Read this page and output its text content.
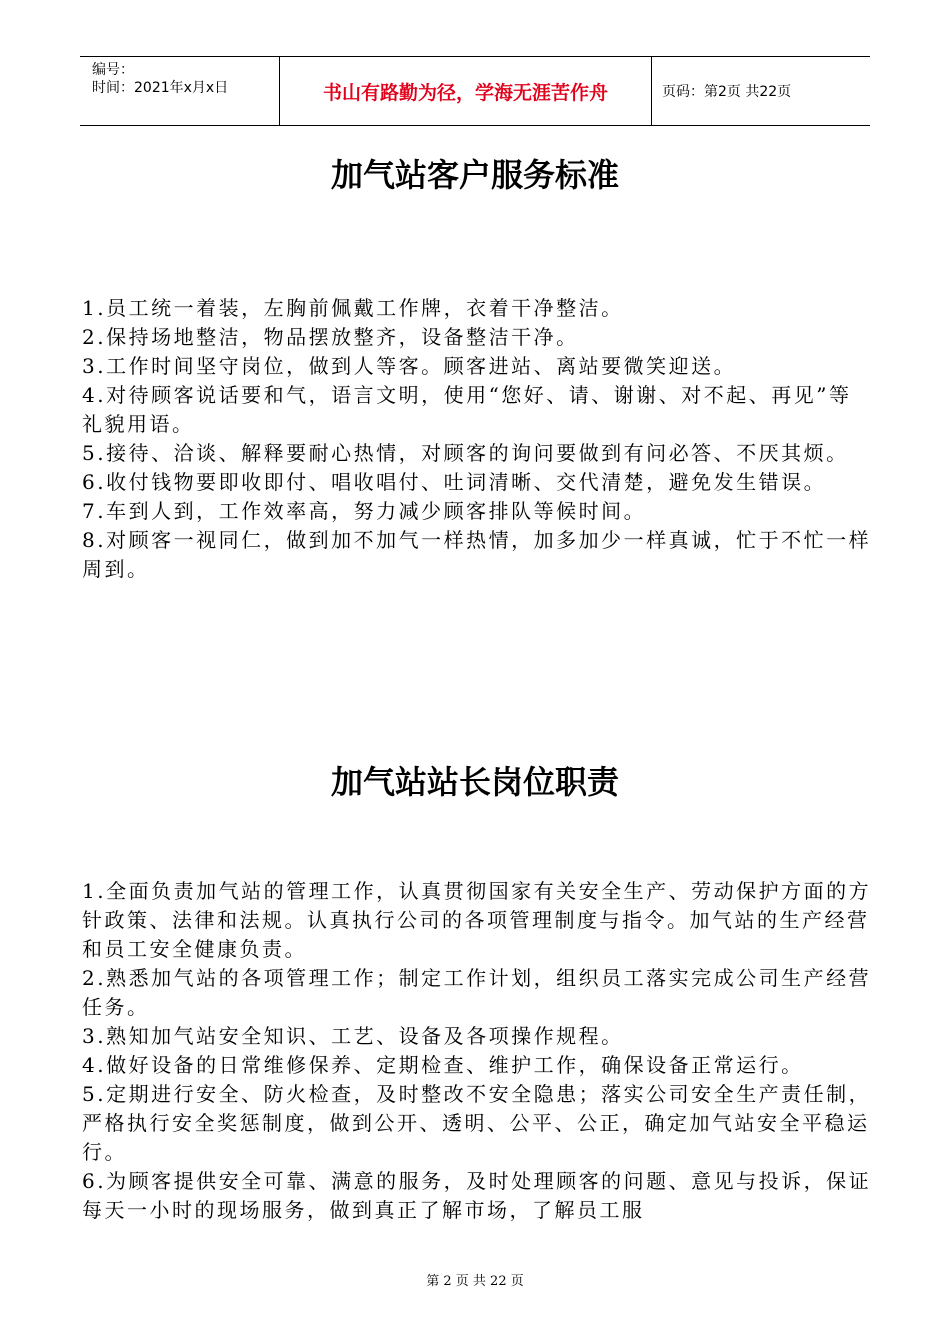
编号：
时间：2021年x月x日	书山有路勤为径，学海无涯苦作舟	页码：第2页 共22页
加气站客户服务标准

1.员工统一着装，左胸前佩戴工作牌，衣着干净整洁。

2.保持场地整洁，物品摆放整齐，设备整洁干净。

3.工作时间坚守岗位，做到人等客。顾客进站、离站要微笑迎送。

4.对待顾客说话要和气，语言文明，使用“您好、请、谢谢、对不起、再见”等礼貌用语。

5.接待、洽谈、解释要耐心热情，对顾客的询问要做到有问必答、不厌其烦。

6.收付钱物要即收即付、唱收唱付、吐词清晰、交代清楚，避免发生错误。

7.车到人到，工作效率高，努力减少顾客排队等候时间。

8.对顾客一视同仁，做到加不加气一样热情，加多加少一样真诚，忙于不忙一样周到。

加气站站长岗位职责

1.全面负责加气站的管理工作，认真贯彻国家有关安全生产、劳动保护方面的方针政策、法律和法规。认真执行公司的各项管理制度与指令。加气站的生产经营和员工安全健康负责。

2.熟悉加气站的各项管理工作；制定工作计划，组织员工落实完成公司生产经营任务。

3.熟知加气站安全知识、工艺、设备及各项操作规程。

4.做好设备的日常维修保养、定期检查、维护工作，确保设备正常运行。

5.定期进行安全、防火检查，及时整改不安全隐患；落实公司安全生产责任制，严格执行安全奖惩制度，做到公开、透明、公平、公正，确定加气站安全平稳运行。

6.为顾客提供安全可靠、满意的服务，及时处理顾客的问题、意见与投诉，保证每天一小时的现场服务，做到真正了解市场，了解员工服

第 2 页 共 22 页
